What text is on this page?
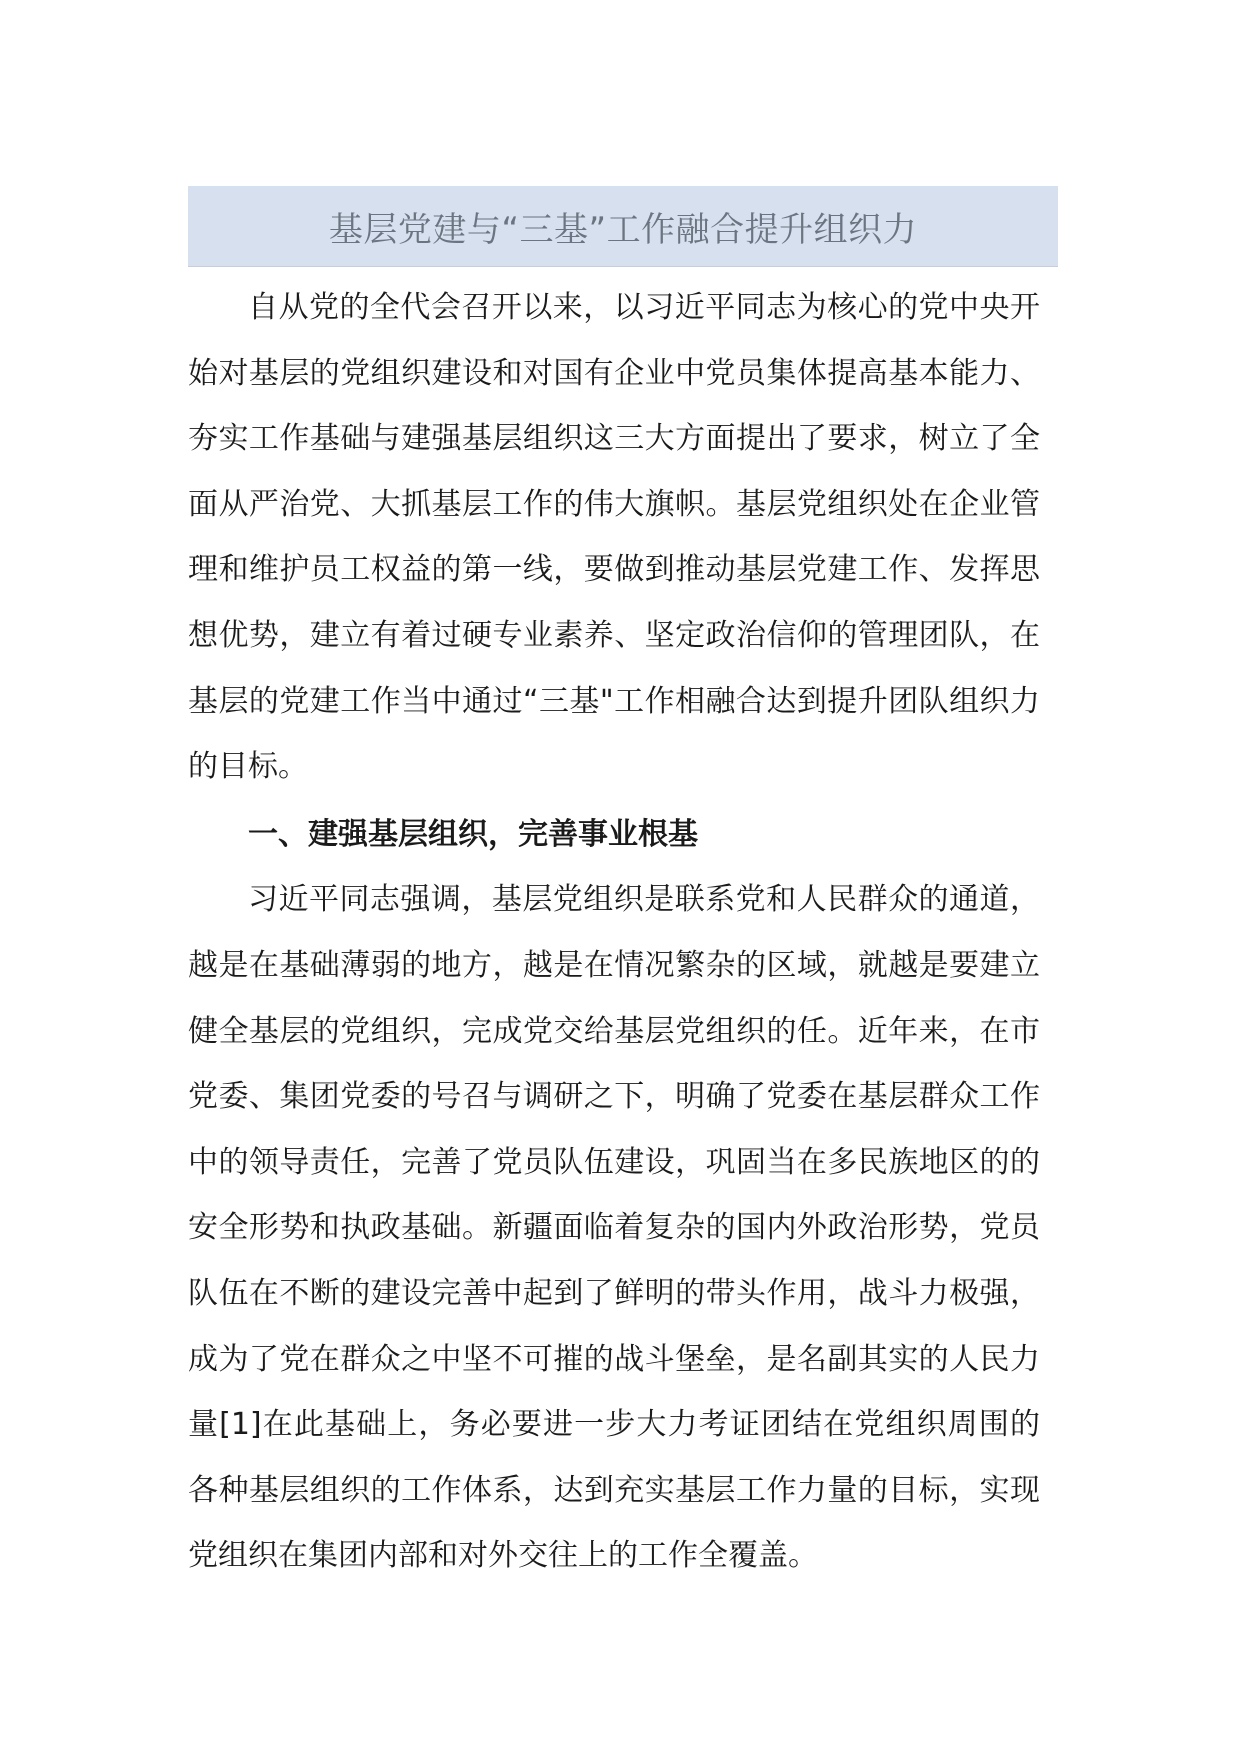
基层党建与“三基”工作融合提升组织力

自从党的全代会召开以来，以习近平同志为核心的党中央开始对基层的党组织建设和对国有企业中党员集体提高基本能力、夯实工作基础与建强基层组织这三大方面提出了要求，树立了全面从严治党、大抓基层工作的伟大旗帜。基层党组织处在企业管理和维护员工权益的第一线，要做到推动基层党建工作、发挥思想优势，建立有着过硬专业素养、坚定政治信仰的管理团队，在基层的党建工作当中通过“三基"工作相融合达到提升团队组织力的目标。

一、建强基层组织，完善事业根基

习近平同志强调，基层党组织是联系党和人民群众的通道，越是在基础薄弱的地方，越是在情况繁杂的区域，就越是要建立健全基层的党组织，完成党交给基层党组织的任。近年来，在市党委、集团党委的号召与调研之下，明确了党委在基层群众工作中的领导责任，完善了党员队伍建设，巩固当在多民族地区的的安全形势和执政基础。新疆面临着复杂的国内外政治形势，党员队伍在不断的建设完善中起到了鲜明的带头作用，战斗力极强，成为了党在群众之中坚不可摧的战斗堡垒，是名副其实的人民力量[1]在此基础上，务必要进一步大力考证团结在党组织周围的各种基层组织的工作体系，达到充实基层工作力量的目标，实现党组织在集团内部和对外交往上的工作全覆盖。
